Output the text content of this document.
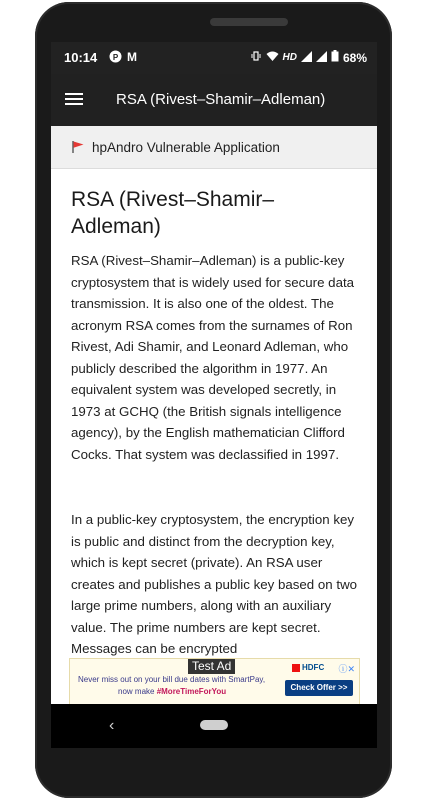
10:14 P M	HD	68%
RSA (Rivest–Shamir–Adleman)
hpAndro Vulnerable Application
RSA (Rivest–Shamir–Adleman)
RSA (Rivest–Shamir–Adleman) is a public-key cryptosystem that is widely used for secure data transmission. It is also one of the oldest. The acronym RSA comes from the surnames of Ron Rivest, Adi Shamir, and Leonard Adleman, who publicly described the algorithm in 1977. An equivalent system was developed secretly, in 1973 at GCHQ (the British signals intelligence agency), by the English mathematician Clifford Cocks. That system was declassified in 1997.
In a public-key cryptosystem, the encryption key is public and distinct from the decryption key, which is kept secret (private). An RSA user creates and publishes a public key based on two large prime numbers, along with an auxiliary value. The prime numbers are kept secret. Messages can be encrypted
Test Ad	HDFC ⓘ✕
Never miss out on your bill due dates with SmartPay,
now make #MoreTimeForYou	Check Offer >>
‹
